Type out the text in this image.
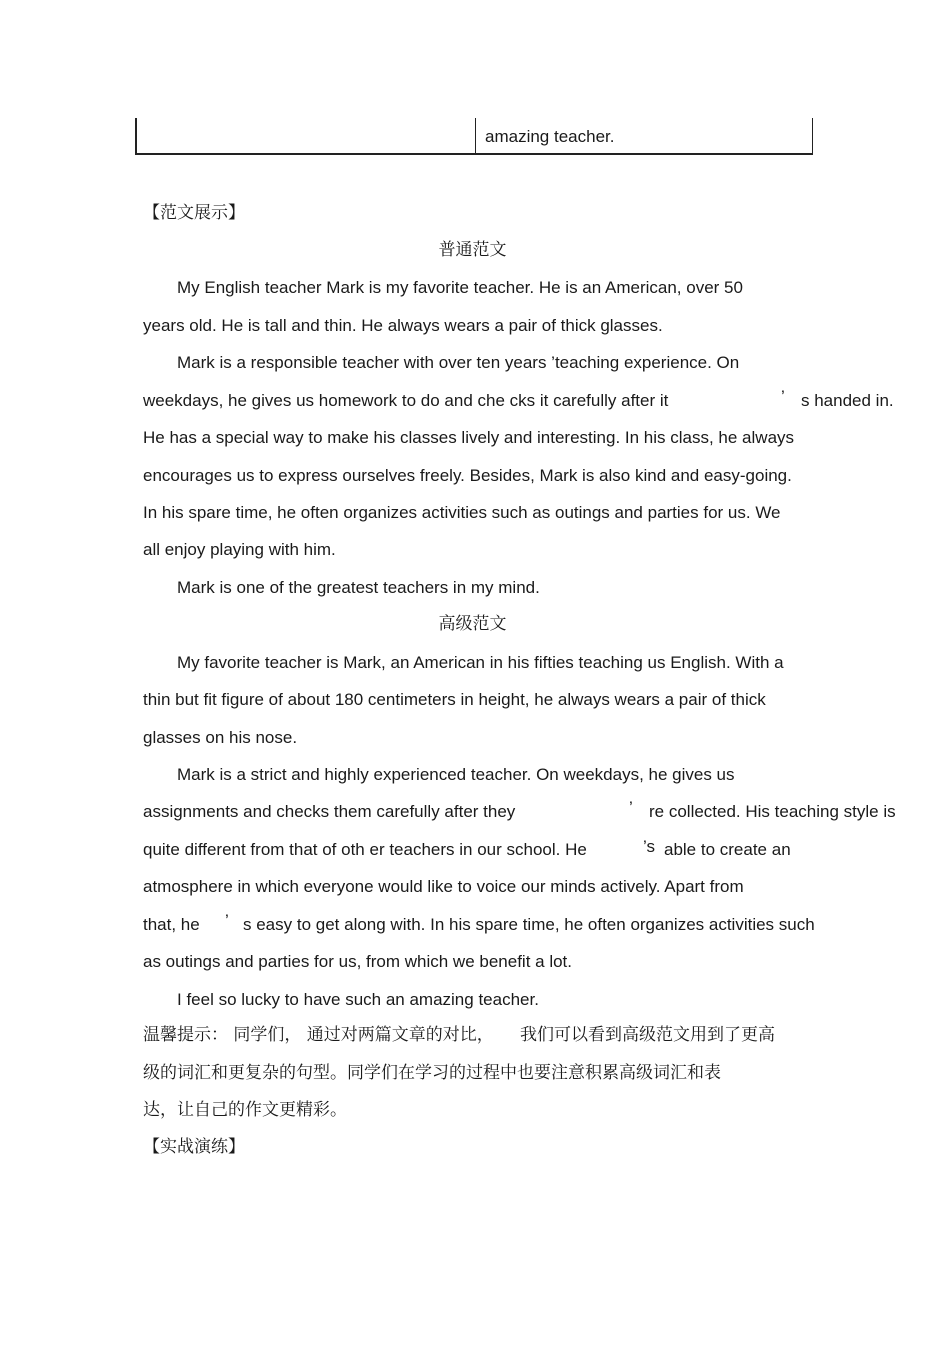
amazing teacher.
【范文展示】
普通范文
My English teacher Mark is my favorite teacher. He is an American, over 50
years old. He is tall and thin. He always wears a pair of thick glasses.
Mark is a responsible teacher with over ten years ’teaching experience. On
weekdays, he gives us homework to do and che cks it carefully after it	’ s handed in.
He has a special way to make his classes lively and interesting. In his class, he always
encourages us to express ourselves freely. Besides, Mark is also kind and easy-going.
In his spare time, he often organizes activities such as outings and parties for us. We
all enjoy playing with him.
Mark is one of the greatest teachers in my mind.
高级范文
My favorite teacher is Mark, an American in his fifties teaching us English. With a
thin but fit figure of about 180 centimeters in height, he always wears a pair of thick
glasses on his nose.
Mark is a strict and highly experienced teacher. On weekdays, he gives us
assignments and checks them carefully after they	’ re collected. His teaching style is
quite different from that of oth er teachers in our school. He	’s able to create an
atmosphere in which everyone would like to voice our minds actively. Apart from
that, he ’ s easy to get along with. In his spare time, he often organizes activities such
as outings and parties for us, from which we benefit a lot.
I feel so lucky to have such an amazing teacher.
温馨提示： 同学们， 通过对两篇文章的对比， 我们可以看到高级范文用到了更高
级的词汇和更复杂的句型。同学们在学习的过程中也要注意积累高级词汇和表
达，让自己的作文更精彩。
【实战演练】
